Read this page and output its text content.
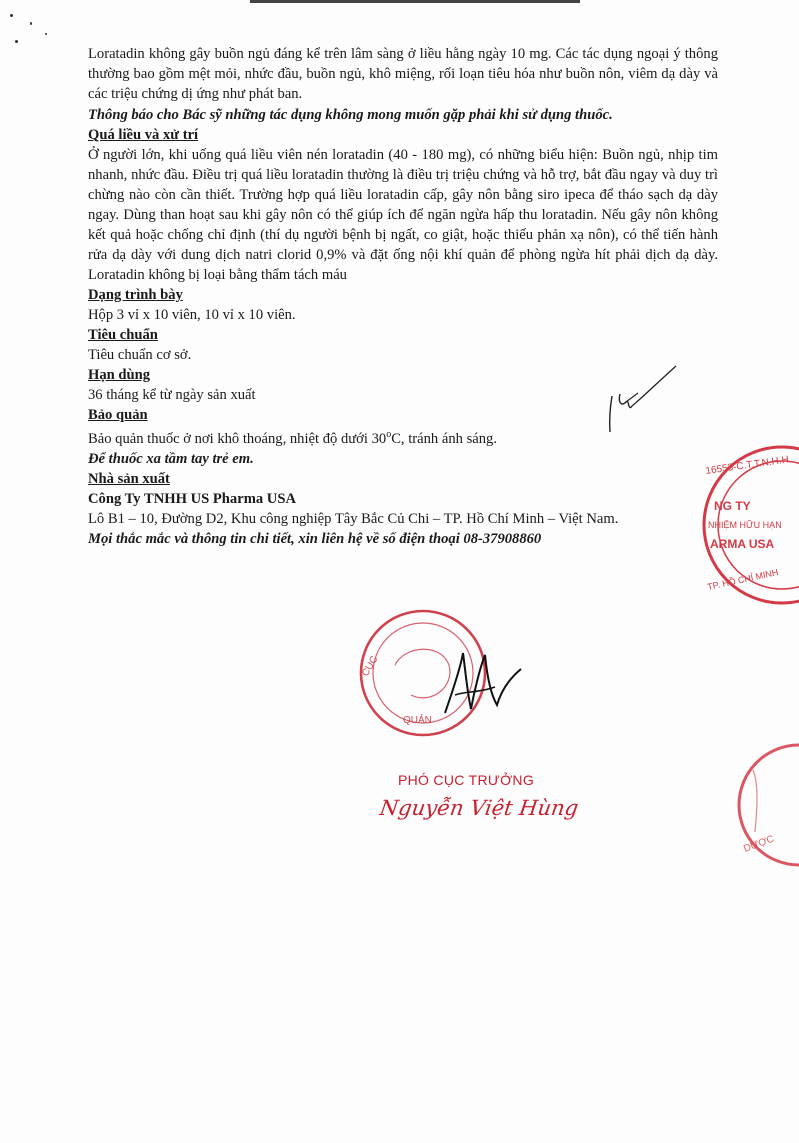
Loratadin không gây buồn ngủ đáng kể trên lâm sàng ở liều hằng ngày 10 mg. Các tác dụng ngoại ý thông thường bao gồm mệt mỏi, nhức đầu, buồn ngủ, khô miệng, rối loạn tiêu hóa như buồn nôn, viêm dạ dày và các triệu chứng dị ứng như phát ban.

Thông báo cho Bác sỹ những tác dụng không mong muốn gặp phải khi sử dụng thuốc.

Quá liều và xử trí

Ở người lớn, khi uống quá liều viên nén loratadin (40 - 180 mg), có những biểu hiện: Buồn ngủ, nhịp tim nhanh, nhức đầu. Điều trị quá liều loratadin thường là điều trị triệu chứng và hỗ trợ, bắt đầu ngay và duy trì chừng nào còn cần thiết. Trường hợp quá liều loratadin cấp, gây nôn bằng siro ipeca để tháo sạch dạ dày ngay. Dùng than hoạt sau khi gây nôn có thể giúp ích để ngăn ngừa hấp thu loratadin. Nếu gây nôn không kết quả hoặc chống chỉ định (thí dụ người bệnh bị ngất, co giật, hoặc thiếu phản xạ nôn), có thể tiến hành rửa dạ dày với dung dịch natri clorid 0,9% và đặt ống nội khí quản để phòng ngừa hít phải dịch dạ dày. Loratadin không bị loại bằng thẩm tách máu

Dạng trình bày

Hộp 3 vỉ x 10 viên, 10 vỉ x 10 viên.

Tiêu chuẩn

Tiêu chuẩn cơ sở.

Hạn dùng

36 tháng kể từ ngày sản xuất

Bảo quản

Bảo quản thuốc ở nơi khô thoáng, nhiệt độ dưới 30$^o$C, tránh ánh sáng.

Để thuốc xa tầm tay trẻ em.

Nhà sản xuất

Công Ty TNHH US Pharma USA

Lô B1 – 10, Đường D2, Khu công nghiệp Tây Bắc Củ Chi – TP. Hồ Chí Minh – Việt Nam.

Mọi thắc mắc và thông tin chi tiết, xin liên hệ về số điện thoại 08-37908860

16553-C.T.T.N.H.H
NG TY
NHIỆM HỮU HẠN
ARMA USA
TP. HỒ CHÍ MINH
CỤC
QUẢN
PHÓ CỤC TRƯỞNG
Nguyễn Việt Hùng
DƯỢC
